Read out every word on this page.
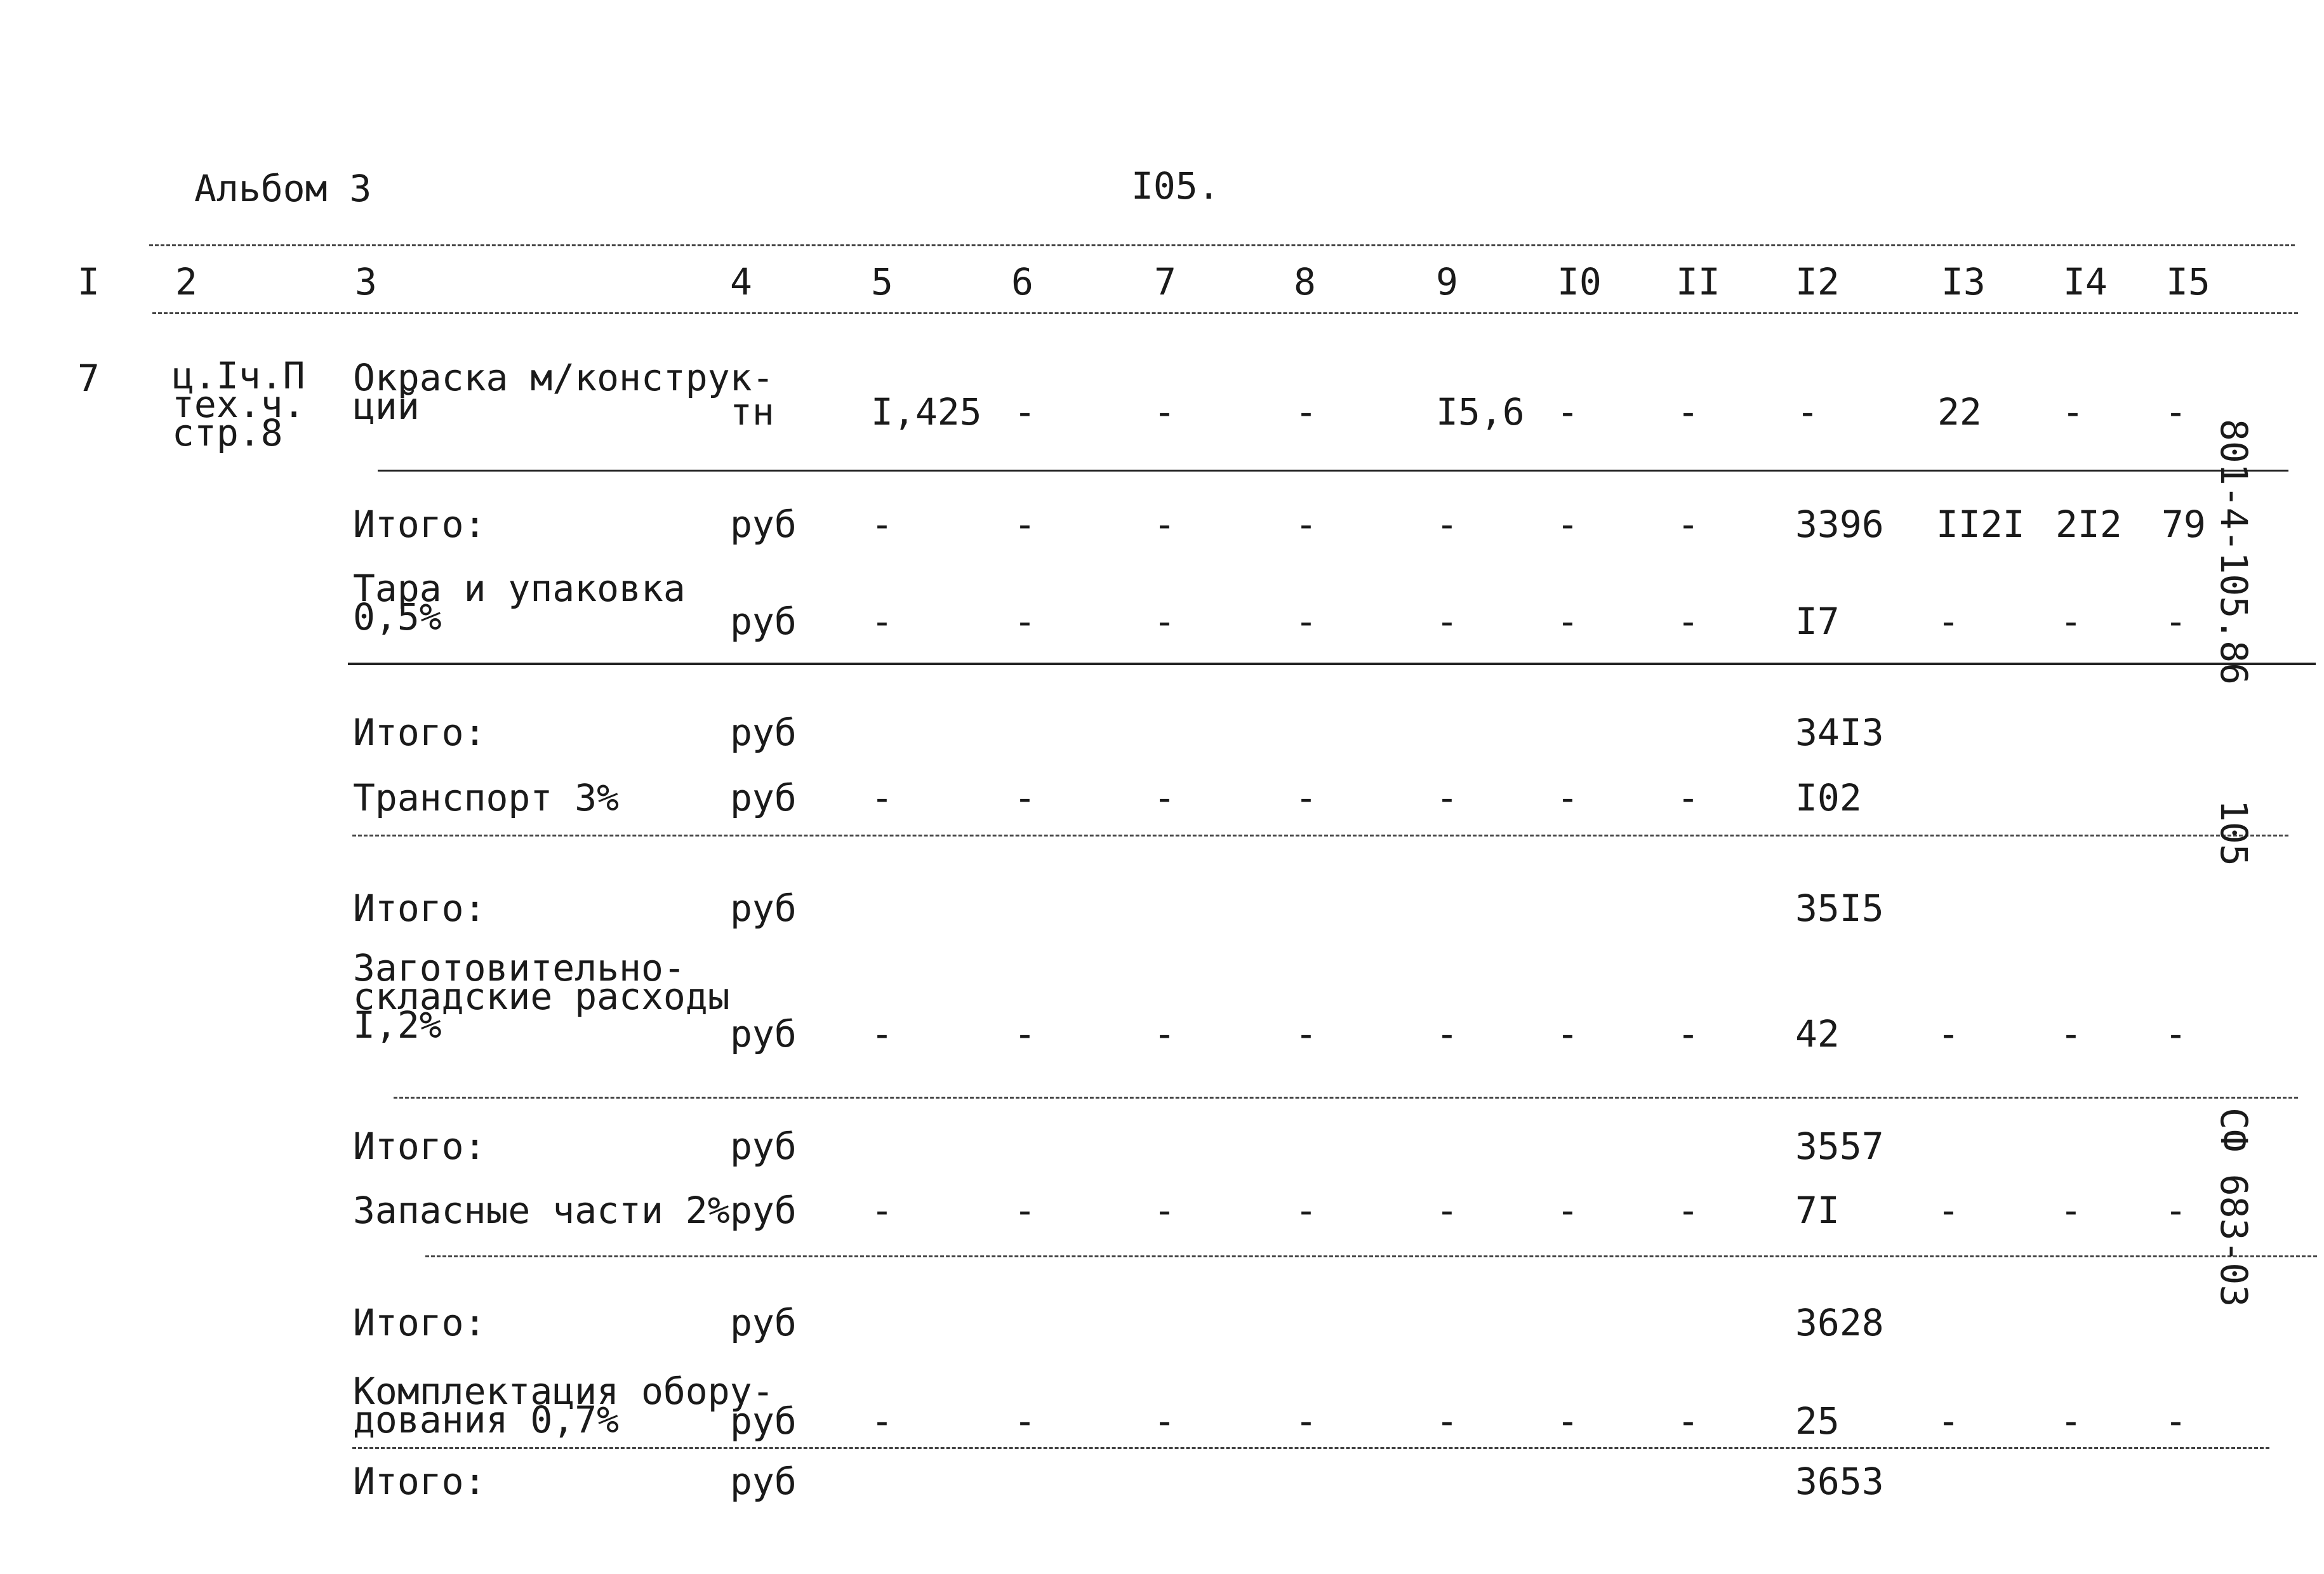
Альбом 3	I05.
I 2	3	4	5	6	7	8	9	I0 II I2	I3 I4 I5
7 ц.Iч.П
тех.ч.
стр.8
Окраска м/конструк-
ций	тн	I,425 -	-	-	I5,6 -	-	-	22 - -
Итого:	руб -	-	-	-	-	-	-	3396 II2I 2I2 79
Тара и упаковка
0,5%	руб -	-	-	-	-	-	-	I7	-	- -
Итого:	руб	34I3
Транспорт 3%	руб -	-	-	-	-	-	-	I02
Итого:	руб	35I5
Заготовительно-
складские расходы
I,2%	руб -	-	-	-	-	-	-	42	-	- -
Итого:	руб	3557
Запасные части 2% руб -	-	-	-	-	-	-	7I	-	- -
Итого:	руб	3628
Комплектация обору-
дования 0,7%	руб -	-	-	-	-	-	-	25	-	- -
Итого:	руб	3653
801-4-105.86
105
СФ 683-03
